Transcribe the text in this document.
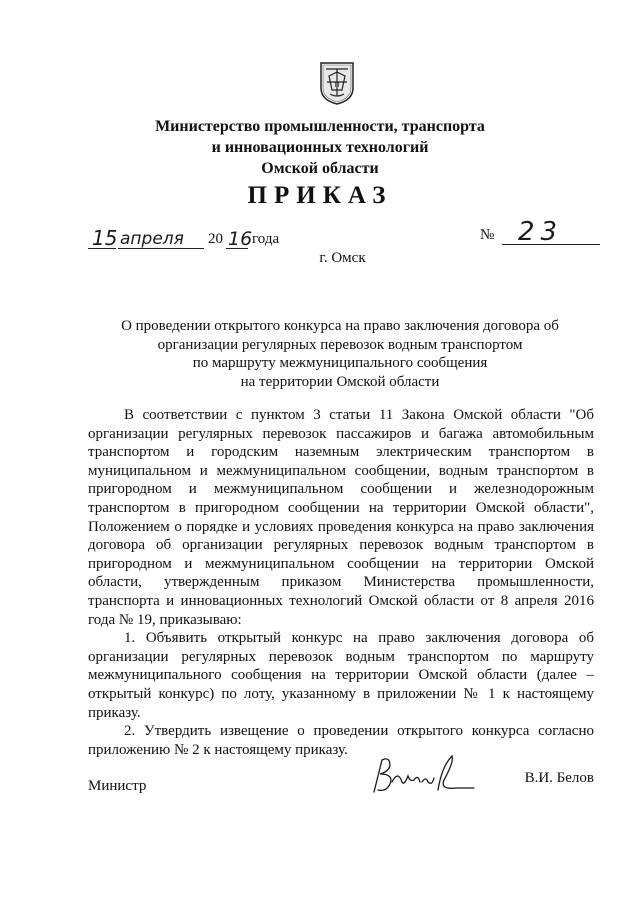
П
Министерство промышленности, транспорта
и инновационных технологий
Омской области
ПРИКАЗ
15 апреля 20 16 года	№ 23
г. Омск
О проведении открытого конкурса на право заключения договора об
организации регулярных перевозок водным транспортом
по маршруту межмуниципального сообщения
на территории Омской области

В соответствии с пунктом 3 статьи 11 Закона Омской области "Об организации регулярных перевозок пассажиров и багажа автомобильным транспортом и городским наземным электрическим транспортом в муниципальном и межмуниципальном сообщении, водным транспортом в пригородном и межмуниципальном сообщении и железнодорожным транспортом в пригородном сообщении на территории Омской области", Положением о порядке и условиях проведения конкурса на право заключения договора об организации регулярных перевозок водным транспортом в пригородном и межмуниципальном сообщении на территории Омской области, утвержденным приказом Министерства промышленности, транспорта и инновационных технологий Омской области от 8 апреля 2016 года № 19, приказываю:

1. Объявить открытый конкурс на право заключения договора об организации регулярных перевозок водным транспортом по маршруту межмуниципального сообщения на территории Омской области (далее – открытый конкурс) по лоту, указанному в приложении № 1 к настоящему приказу.

2. Утвердить извещение о проведении открытого конкурса согласно приложению № 2 к настоящему приказу.

Министр	В.И. Белов
